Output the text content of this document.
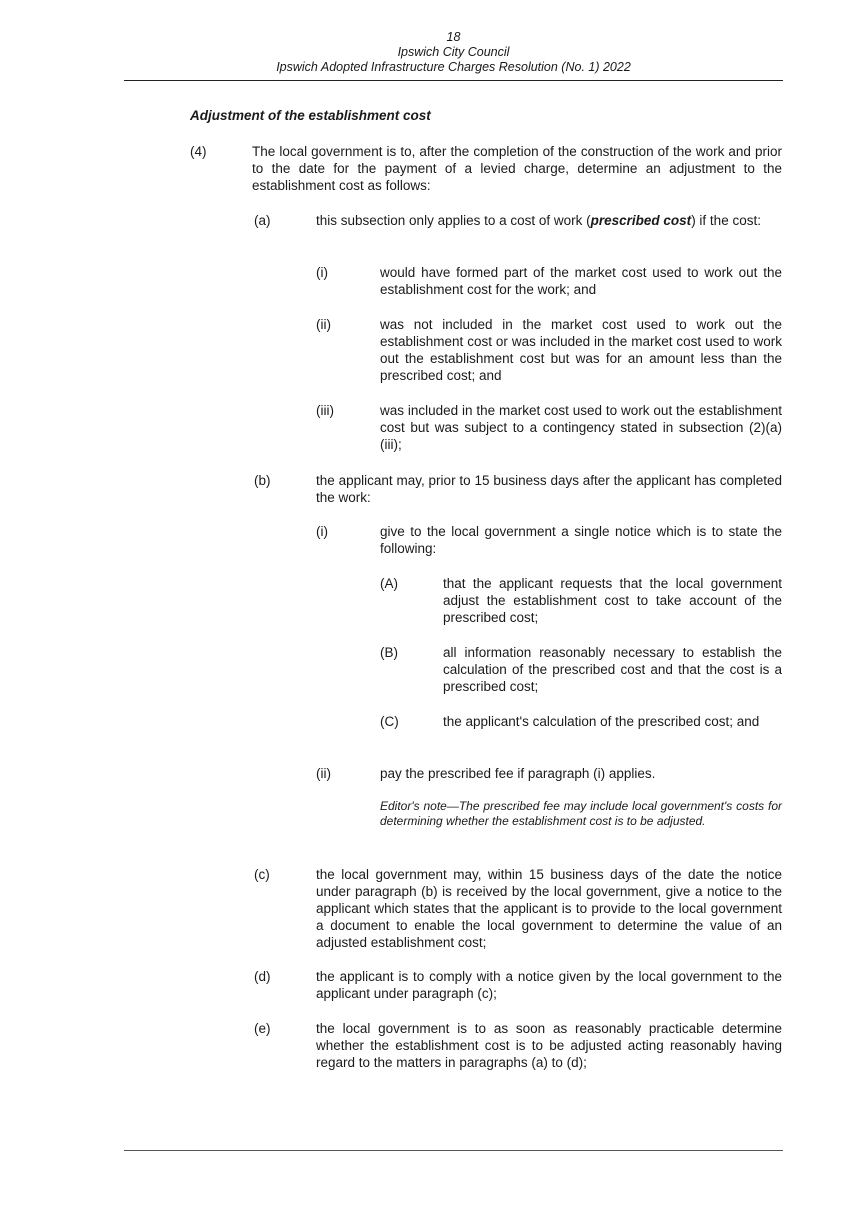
18
Ipswich City Council
Ipswich Adopted Infrastructure Charges Resolution (No. 1) 2022
Adjustment of the establishment cost
(4)	The local government is to, after the completion of the construction of the work and prior to the date for the payment of a levied charge, determine an adjustment to the establishment cost as follows:
(a)	this subsection only applies to a cost of work (prescribed cost) if the cost:
(i)	would have formed part of the market cost used to work out the establishment cost for the work; and
(ii)	was not included in the market cost used to work out the establishment cost or was included in the market cost used to work out the establishment cost but was for an amount less than the prescribed cost; and
(iii)	was included in the market cost used to work out the establishment cost but was subject to a contingency stated in subsection (2)(a)(iii);
(b)	the applicant may, prior to 15 business days after the applicant has completed the work:
(i)	give to the local government a single notice which is to state the following:
(A)	that the applicant requests that the local government adjust the establishment cost to take account of the prescribed cost;
(B)	all information reasonably necessary to establish the calculation of the prescribed cost and that the cost is a prescribed cost;
(C)	the applicant's calculation of the prescribed cost; and
(ii)	pay the prescribed fee if paragraph (i) applies.
Editor's note—The prescribed fee may include local government's costs for determining whether the establishment cost is to be adjusted.
(c)	the local government may, within 15 business days of the date the notice under paragraph (b) is received by the local government, give a notice to the applicant which states that the applicant is to provide to the local government a document to enable the local government to determine the value of an adjusted establishment cost;
(d)	the applicant is to comply with a notice given by the local government to the applicant under paragraph (c);
(e)	the local government is to as soon as reasonably practicable determine whether the establishment cost is to be adjusted acting reasonably having regard to the matters in paragraphs (a) to (d);
